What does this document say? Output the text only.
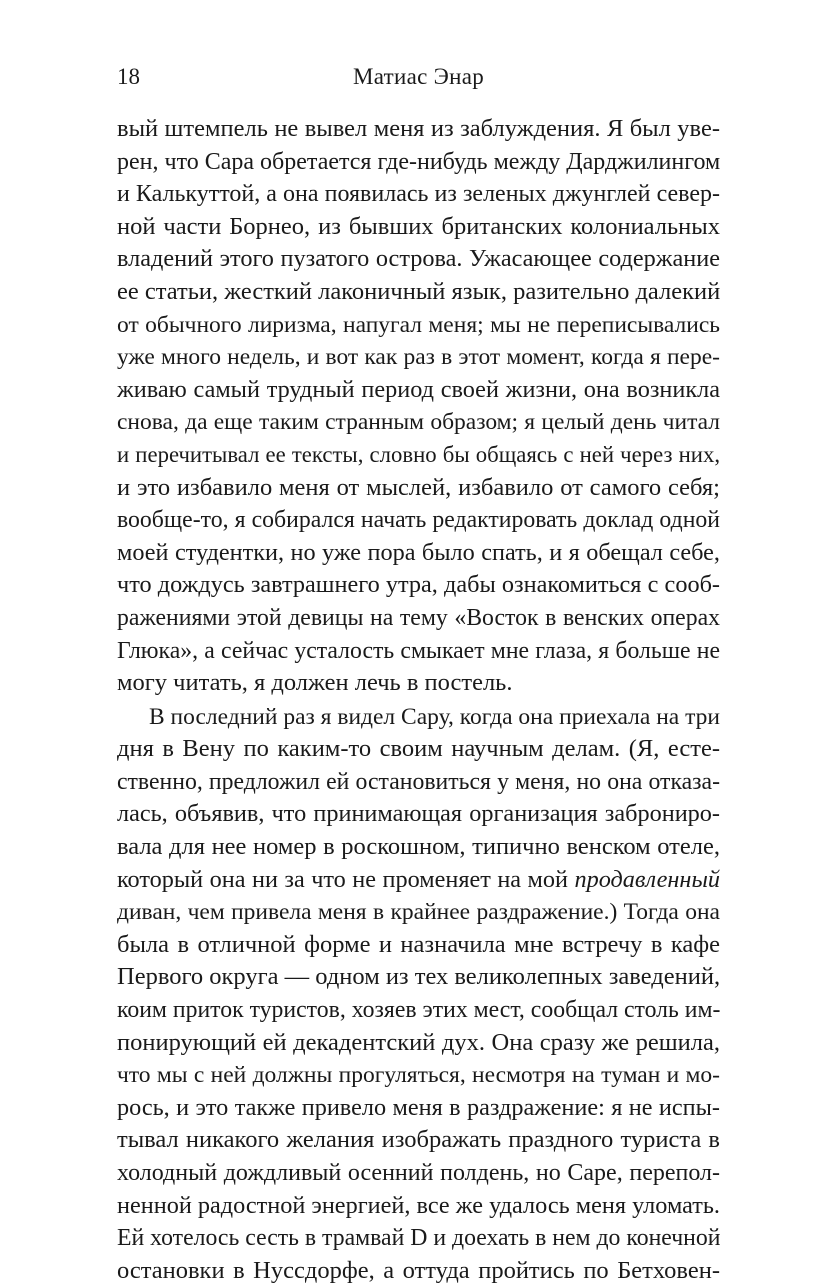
18	Матиас Энар
вый штемпель не вывел меня из заблуждения. Я был уве-
рен, что Сара обретается где-нибудь между Дарджилингом
и Калькуттой, а она появилась из зеленых джунглей север-
ной части Борнео, из бывших британских колониальных
владений этого пузатого острова. Ужасающее содержание
ее статьи, жесткий лаконичный язык, разительно далекий
от обычного лиризма, напугал меня; мы не переписывались
уже много недель, и вот как раз в этот момент, когда я пере-
живаю самый трудный период своей жизни, она возникла
снова, да еще таким странным образом; я целый день читал
и перечитывал ее тексты, словно бы общаясь с ней через них,
и это избавило меня от мыслей, избавило от самого себя;
вообще-то, я собирался начать редактировать доклад одной
моей студентки, но уже пора было спать, и я обещал себе,
что дождусь завтрашнего утра, дабы ознакомиться с сооб-
ражениями этой девицы на тему «Восток в венских операх
Глюка», а сейчас усталость смыкает мне глаза, я больше не
могу читать, я должен лечь в постель.
В последний раз я видел Сару, когда она приехала на три
дня в Вену по каким-то своим научным делам. (Я, есте-
ственно, предложил ей остановиться у меня, но она отказа-
лась, объявив, что принимающая организация заброниро-
вала для нее номер в роскошном, типично венском отеле,
который она ни за что не променяет на мой продавленный
диван, чем привела меня в крайнее раздражение.) Тогда она
была в отличной форме и назначила мне встречу в кафе
Первого округа — одном из тех великолепных заведений,
коим приток туристов, хозяев этих мест, сообщал столь им-
понирующий ей декадентский дух. Она сразу же решила,
что мы с ней должны прогуляться, несмотря на туман и мо-
рось, и это также привело меня в раздражение: я не испы-
тывал никакого желания изображать праздного туриста в
холодный дождливый осенний полдень, но Саре, перепол-
ненной радостной энергией, все же удалось меня уломать.
Ей хотелось сесть в трамвай D и доехать в нем до конечной
остановки в Нуссдорфе, а оттуда пройтись по Бетховен-
